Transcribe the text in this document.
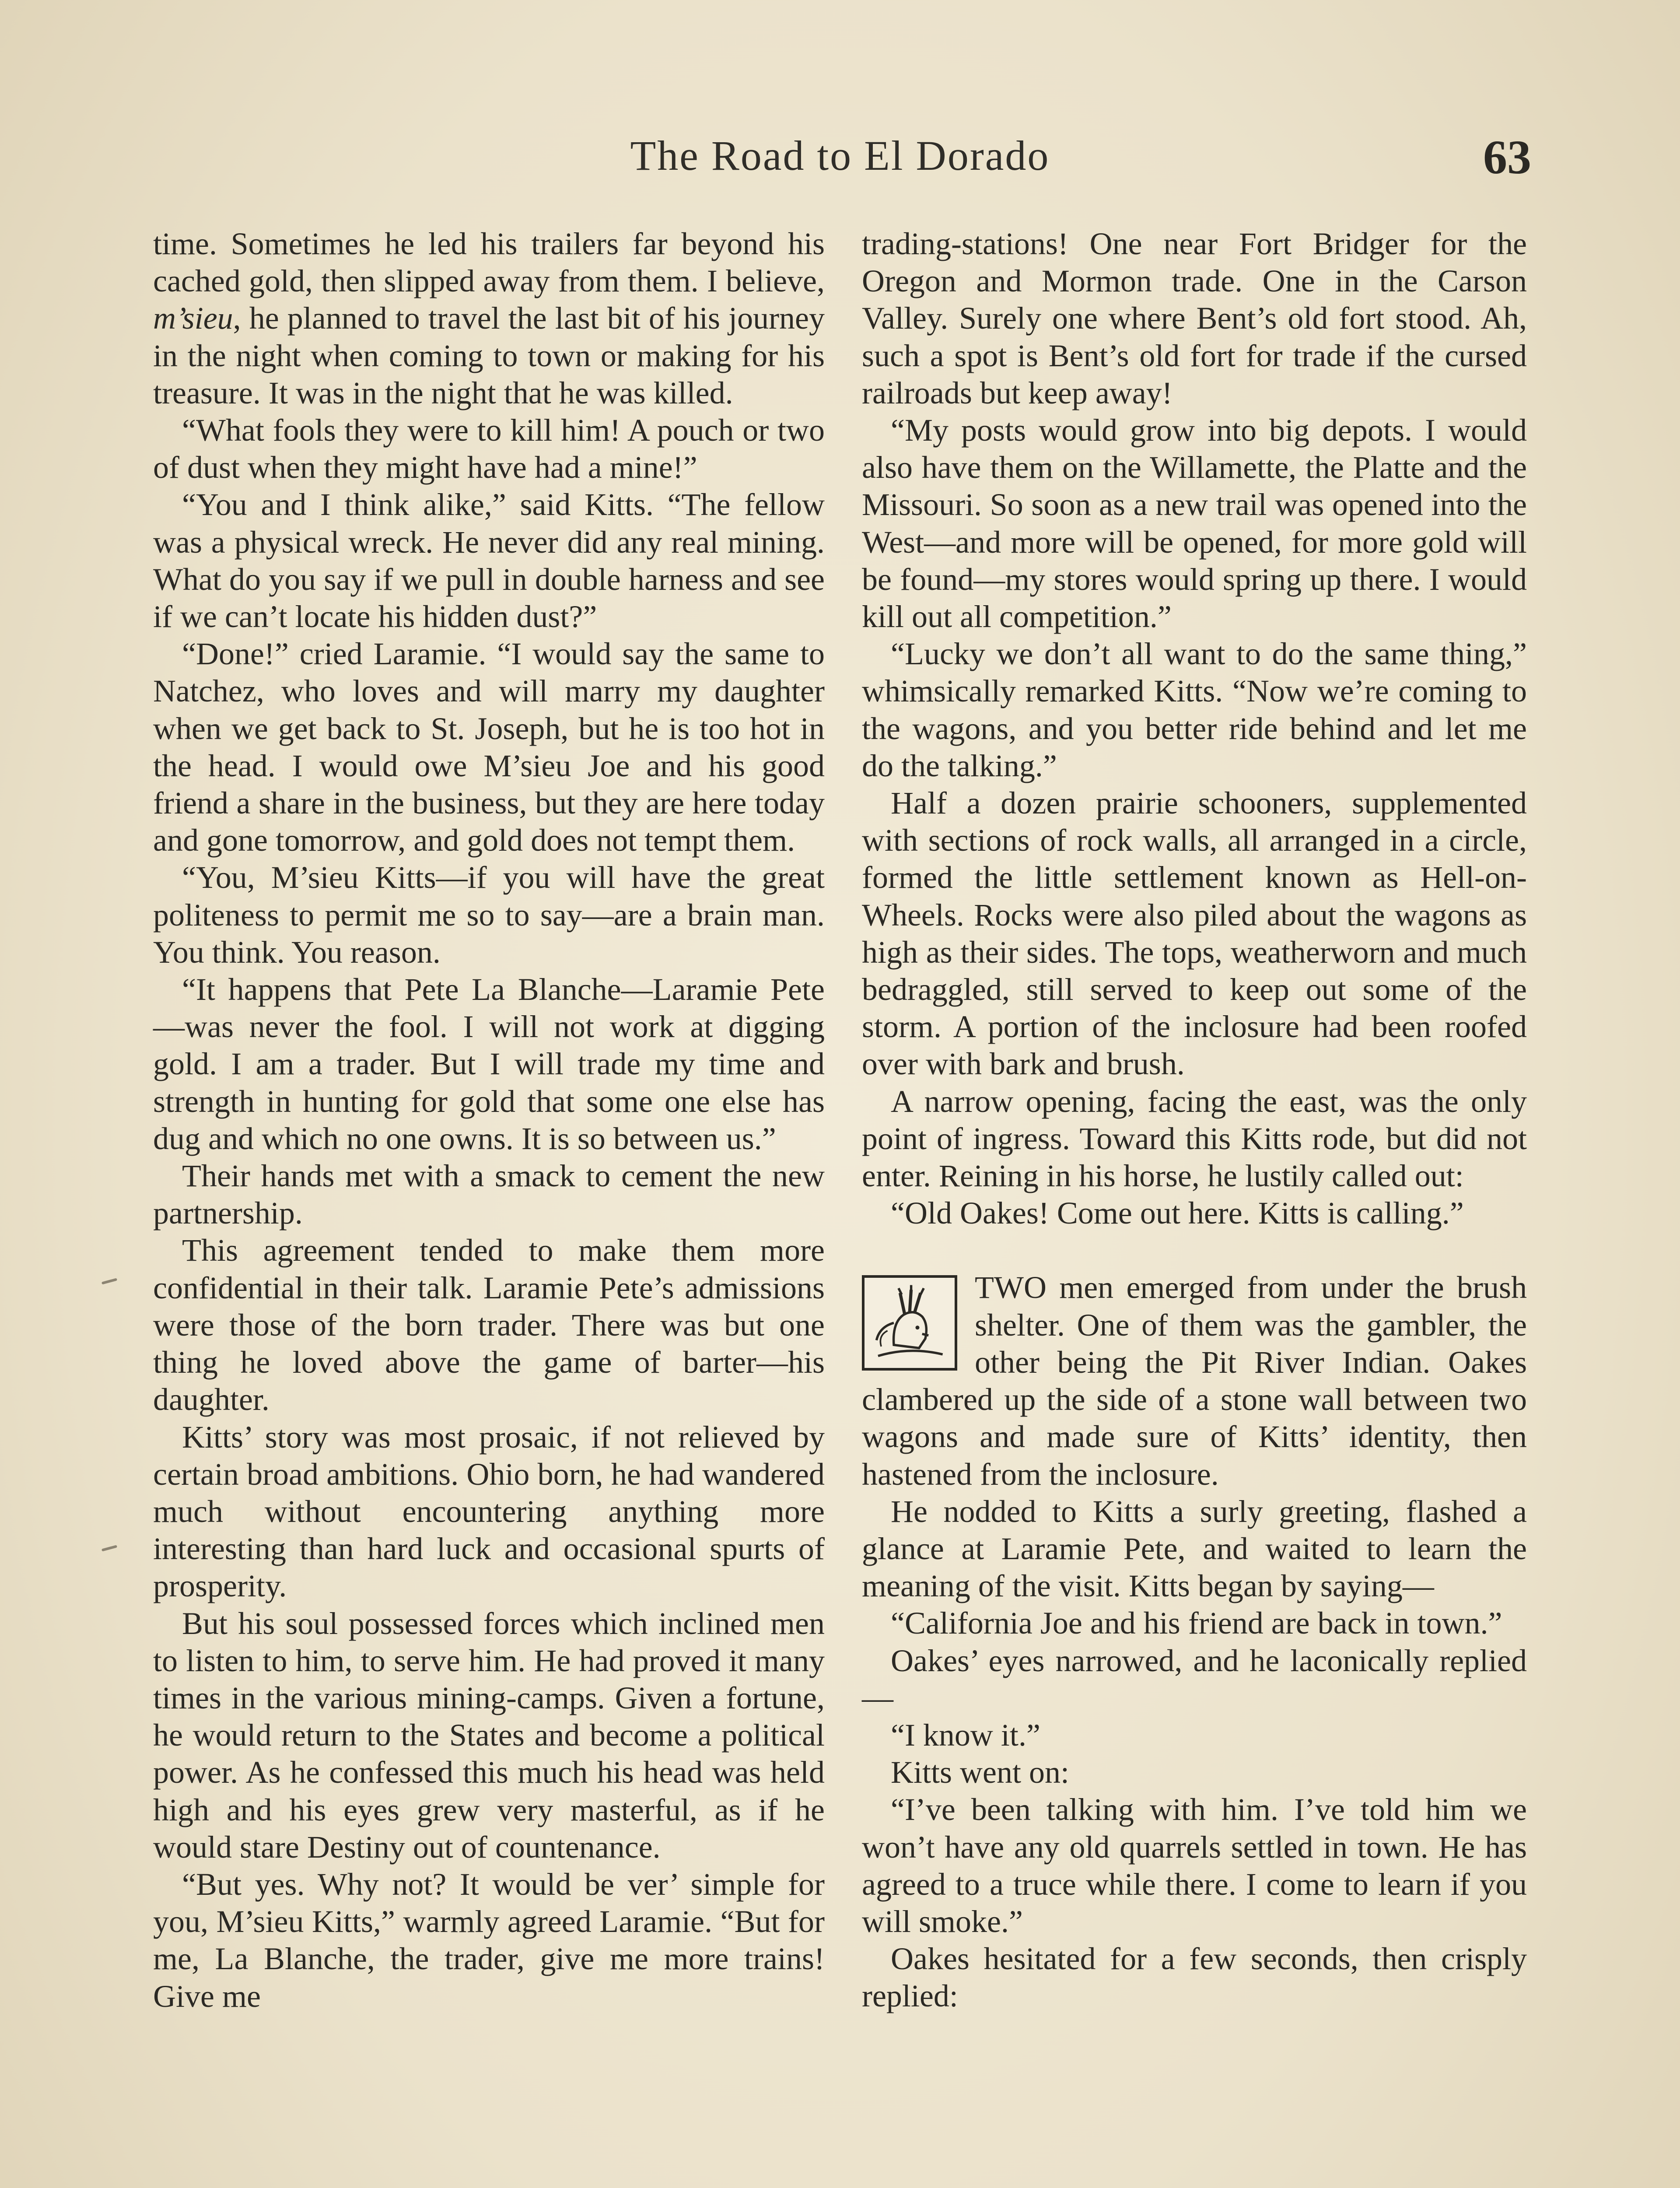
The Road to El Dorado	63

time. Sometimes he led his trailers far beyond his cached gold, then slipped away from them. I believe, m’sieu, he planned to travel the last bit of his journey in the night when coming to town or making for his treasure. It was in the night that he was killed.

“What fools they were to kill him! A pouch or two of dust when they might have had a mine!”

“You and I think alike,” said Kitts. “The fellow was a physical wreck. He never did any real mining. What do you say if we pull in double harness and see if we can’t locate his hidden dust?”

“Done!” cried Laramie. “I would say the same to Natchez, who loves and will marry my daughter when we get back to St. Joseph, but he is too hot in the head. I would owe M’sieu Joe and his good friend a share in the business, but they are here today and gone tomorrow, and gold does not tempt them.

“You, M’sieu Kitts—if you will have the great politeness to permit me so to say—are a brain man. You think. You reason.

“It happens that Pete La Blanche—Laramie Pete—was never the fool. I will not work at digging gold. I am a trader. But I will trade my time and strength in hunting for gold that some one else has dug and which no one owns. It is so between us.”

Their hands met with a smack to cement the new partnership.

This agreement tended to make them more confidential in their talk. Laramie Pete’s admissions were those of the born trader. There was but one thing he loved above the game of barter—his daughter.

Kitts’ story was most prosaic, if not relieved by certain broad ambitions. Ohio born, he had wandered much without encountering anything more interesting than hard luck and occasional spurts of prosperity.

But his soul possessed forces which inclined men to listen to him, to serve him. He had proved it many times in the various mining-camps. Given a fortune, he would return to the States and become a political power. As he confessed this much his head was held high and his eyes grew very masterful, as if he would stare Destiny out of countenance.

“But yes. Why not? It would be ver’ simple for you, M’sieu Kitts,” warmly agreed Laramie. “But for me, La Blanche, the trader, give me more trains! Give me

trading-stations! One near Fort Bridger for the Oregon and Mormon trade. One in the Carson Valley. Surely one where Bent’s old fort stood. Ah, such a spot is Bent’s old fort for trade if the cursed railroads but keep away!

“My posts would grow into big depots. I would also have them on the Willamette, the Platte and the Missouri. So soon as a new trail was opened into the West—and more will be opened, for more gold will be found—my stores would spring up there. I would kill out all competition.”

“Lucky we don’t all want to do the same thing,” whimsically remarked Kitts. “Now we’re coming to the wagons, and you better ride behind and let me do the talking.”

Half a dozen prairie schooners, supplemented with sections of rock walls, all arranged in a circle, formed the little settlement known as Hell-on-Wheels. Rocks were also piled about the wagons as high as their sides. The tops, weatherworn and much bedraggled, still served to keep out some of the storm. A portion of the inclosure had been roofed over with bark and brush.

A narrow opening, facing the east, was the only point of ingress. Toward this Kitts rode, but did not enter. Reining in his horse, he lustily called out:

“Old Oakes! Come out here. Kitts is calling.”

TWO men emerged from under the brush shelter. One of them was the gambler, the other being the Pit River Indian. Oakes clambered up the side of a stone wall between two wagons and made sure of Kitts’ identity, then hastened from the inclosure.

He nodded to Kitts a surly greeting, flashed a glance at Laramie Pete, and waited to learn the meaning of the visit. Kitts began by saying—

“California Joe and his friend are back in town.”

Oakes’ eyes narrowed, and he laconically replied—

“I know it.”

Kitts went on:

“I’ve been talking with him. I’ve told him we won’t have any old quarrels settled in town. He has agreed to a truce while there. I come to learn if you will smoke.”

Oakes hesitated for a few seconds, then crisply replied:
